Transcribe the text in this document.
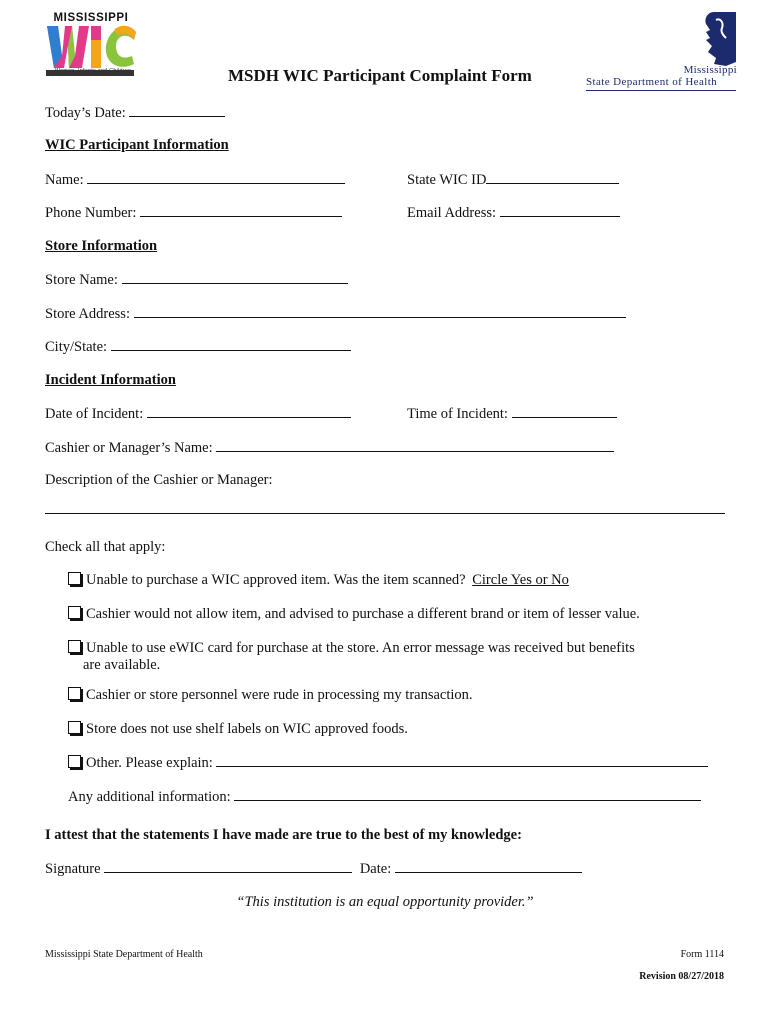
MISSISSIPPI
Women, Infants and Children	Mississippi
State Department of Health
MSDH WIC Participant Complaint Form
Today’s Date:
WIC Participant Information
Name:	State WIC ID
Phone Number:	Email Address:
Store Information
Store Name:
Store Address:
City/State:
Incident Information
Date of Incident:	Time of Incident:
Cashier or Manager’s Name:
Description of the Cashier or Manager:
Check all that apply:
Unable to purchase a WIC approved item. Was the item scanned? Circle Yes or No
Cashier would not allow item, and advised to purchase a different brand or item of lesser value.
Unable to use eWIC card for purchase at the store. An error message was received but benefits
are available.
Cashier or store personnel were rude in processing my transaction.
Store does not use shelf labels on WIC approved foods.
Other. Please explain:
Any additional information:
I attest that the statements I have made are true to the best of my knowledge:
Signature	Date:
“This institution is an equal opportunity provider.”
Mississippi State Department of Health	Form 1114
Revision 08/27/2018
